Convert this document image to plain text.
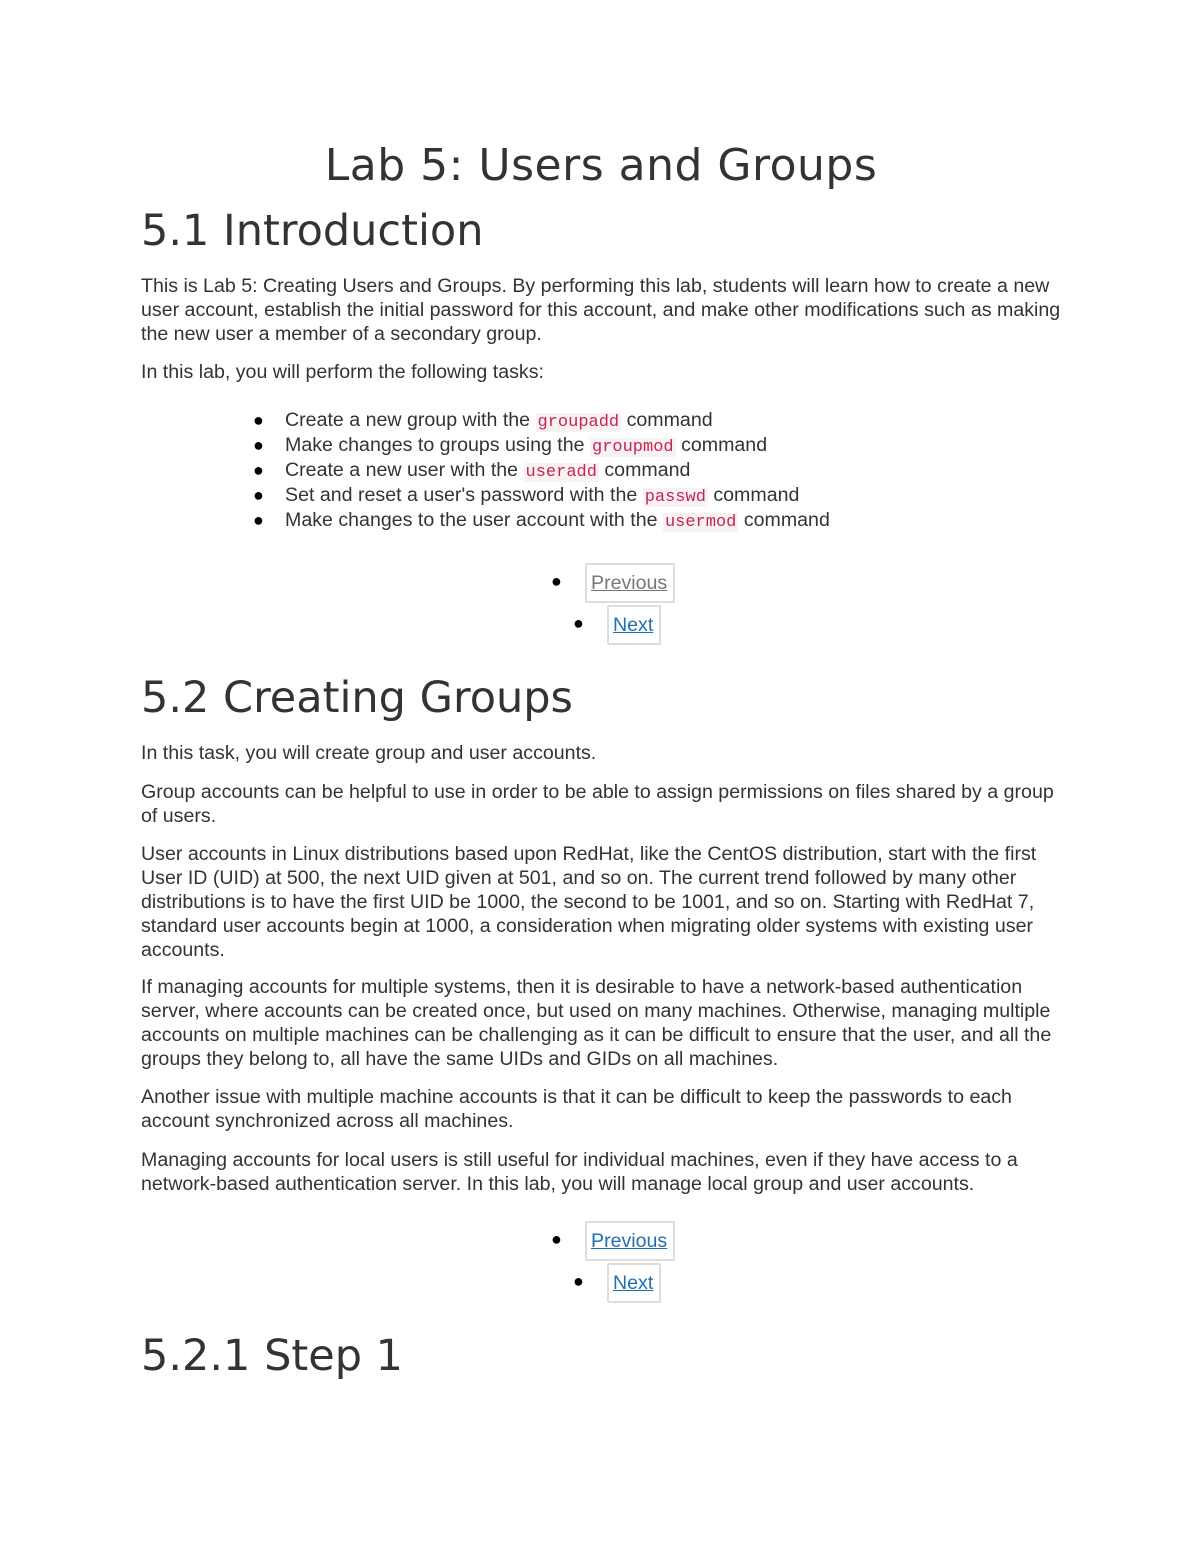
Lab 5: Users and Groups
5.1 Introduction

This is Lab 5: Creating Users and Groups. By performing this lab, students will learn how to create a new user account, establish the initial password for this account, and make other modifications such as making the new user a member of a secondary group.

In this lab, you will perform the following tasks:

● Create a new group with the groupadd command
● Make changes to groups using the groupmod command
● Create a new user with the useradd command
● Set and reset a user's password with the passwd command
● Make changes to the user account with the usermod command
●	Previous
●	Next
5.2 Creating Groups

In this task, you will create group and user accounts.

Group accounts can be helpful to use in order to be able to assign permissions on files shared by a group of users.

User accounts in Linux distributions based upon RedHat, like the CentOS distribution, start with the first User ID (UID) at 500, the next UID given at 501, and so on. The current trend followed by many other distributions is to have the first UID be 1000, the second to be 1001, and so on. Starting with RedHat 7, standard user accounts begin at 1000, a consideration when migrating older systems with existing user accounts.

If managing accounts for multiple systems, then it is desirable to have a network-based authentication server, where accounts can be created once, but used on many machines. Otherwise, managing multiple accounts on multiple machines can be challenging as it can be difficult to ensure that the user, and all the groups they belong to, all have the same UIDs and GIDs on all machines.

Another issue with multiple machine accounts is that it can be difficult to keep the passwords to each account synchronized across all machines.

Managing accounts for local users is still useful for individual machines, even if they have access to a network-based authentication server. In this lab, you will manage local group and user accounts.

●	Previous
●	Next
5.2.1 Step 1
